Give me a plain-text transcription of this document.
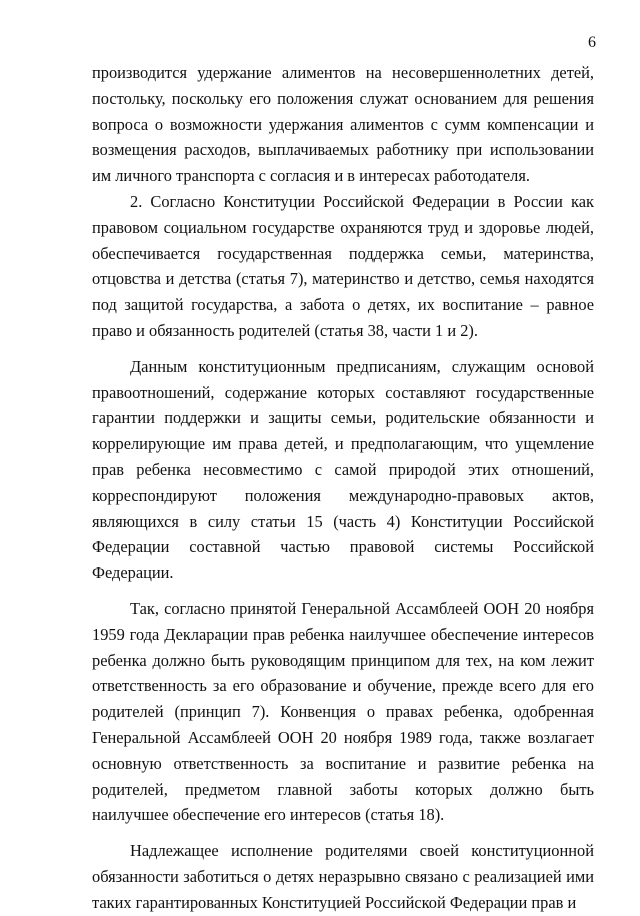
6

производится удержание алиментов на несовершеннолетних детей, постольку, поскольку его положения служат основанием для решения вопроса о возможности удержания алиментов с сумм компенсации и возмещения расходов, выплачиваемых работнику при использовании им личного транспорта с согласия и в интересах работодателя.

2. Согласно Конституции Российской Федерации в России как правовом социальном государстве охраняются труд и здоровье людей, обеспечивается государственная поддержка семьи, материнства, отцовства и детства (статья 7), материнство и детство, семья находятся под защитой государства, а забота о детях, их воспитание – равное право и обязанность родителей (статья 38, части 1 и 2).

Данным конституционным предписаниям, служащим основой правоотношений, содержание которых составляют государственные гарантии поддержки и защиты семьи, родительские обязанности и коррелирующие им права детей, и предполагающим, что ущемление прав ребенка несовместимо с самой природой этих отношений, корреспондируют положения международно-правовых актов, являющихся в силу статьи 15 (часть 4) Конституции Российской Федерации составной частью правовой системы Российской Федерации.

Так, согласно принятой Генеральной Ассамблеей ООН 20 ноября 1959 года Декларации прав ребенка наилучшее обеспечение интересов ребенка должно быть руководящим принципом для тех, на ком лежит ответственность за его образование и обучение, прежде всего для его родителей (принцип 7). Конвенция о правах ребенка, одобренная Генеральной Ассамблеей ООН 20 ноября 1989 года, также возлагает основную ответственность за воспитание и развитие ребенка на родителей, предметом главной заботы которых должно быть наилучшее обеспечение его интересов (статья 18).

Надлежащее исполнение родителями своей конституционной обязанности заботиться о детях неразрывно связано с реализацией ими таких гарантированных Конституцией Российской Федерации прав и
